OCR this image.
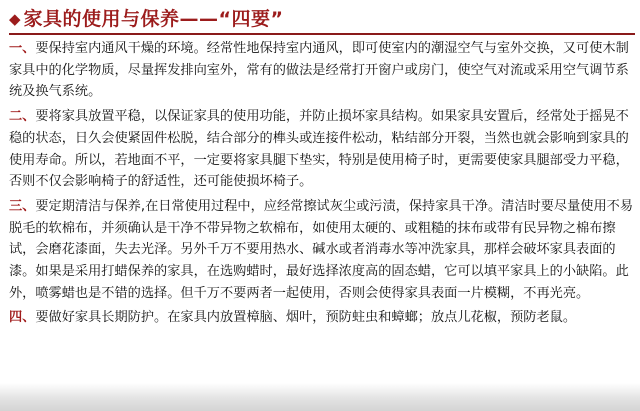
◆ 家具的使用与保养——“四要”

一、要保持室内通风干燥的环境。经常性地保持室内通风，即可使室内的潮湿空气与室外交换，又可使木制家具中的化学物质，尽量挥发排向室外，常有的做法是经常打开窗户或房门，使空气对流或采用空气调节系统及换气系统。

二、要将家具放置平稳，以保证家具的使用功能，并防止损坏家具结构。如果家具安置后，经常处于摇晃不稳的状态，日久会使紧固件松脱，结合部分的榫头或连接件松动，粘结部分开裂，当然也就会影响到家具的使用寿命。所以，若地面不平，一定要将家具腿下垫实，特别是使用椅子时，更需要使家具腿部受力平稳，否则不仅会影响椅子的舒适性，还可能使损坏椅子。

三、要定期清洁与保养,在日常使用过程中，应经常擦试灰尘或污渍，保持家具干净。清洁时要尽量使用不易脱毛的软棉布，并须确认是干净不带异物之软棉布，如使用太硬的、或粗糙的抹布或带有民异物之棉布擦试，会磨花漆面，失去光泽。另外千万不要用热水、碱水或者消毒水等冲洗家具，那样会破坏家具表面的漆。如果是采用打蜡保养的家具，在选购蜡时，最好选择浓度高的固态蜡，它可以填平家具上的小缺陷。此外，喷雾蜡也是不错的选择。但千万不要两者一起使用，否则会使得家具表面一片模糊，不再光亮。

四、要做好家具长期防护。在家具内放置樟脑、烟叶，预防蛀虫和蟑螂；放点儿花椒，预防老鼠。
